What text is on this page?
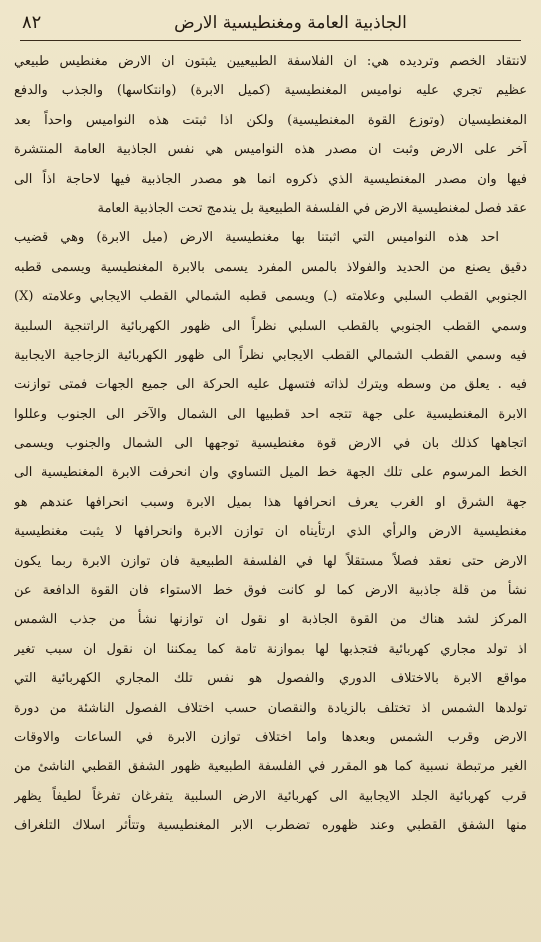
الجاذبية العامة ومغنطيسية الارض
٨٢
لانتقاد الخصم وترديده هي: ان الفلاسفة الطبيعيين يثبتون ان الارض مغنطيس طبيعي
عظيم تجري عليه نواميس المغنطيسية (كميل الابرة) (وانتكاسها) والجذب والدفع
المغنطيسيان (وتوزع القوة المغنطيسية) ولكن اذا ثبتت هذه النواميس واحداً بعد
آخر على الارض وثبت ان مصدر هذه النواميس هي نفس الجاذبية العامة المنتشرة
فيها وان مصدر المغنطيسية الذي ذكروه انما هو مصدر الجاذبية فيها لاحاجة اذاً الى
عقد فصل لمغنطيسية الارض في الفلسفة الطبيعية بل يندمج تحت الجاذبية العامة
احد هذه النواميس التي اثبتنا بها مغنطيسية الارض (ميل الابرة) وهي قضيب
دقيق يصنع من الحديد والفولاذ بالمس المفرد يسمى بالابرة المغنطيسية ويسمى قطبه
الجنوبي القطب السلبي وعلامته (ـ) ويسمى قطبه الشمالي القطب الايجابي وعلامته (X)
وسمي القطب الجنوبي بالقطب السلبي نظراً الى ظهور الكهربائية الراتنجية السلبية
فيه وسمي القطب الشمالي القطب الايجابي نظراً الى ظهور الكهربائية الزجاجية الايجابية
فيه . يعلق من وسطه ويترك لذاته فتسهل عليه الحركة الى جميع الجهات فمتى توازنت
الابرة المغنطيسية على جهة تتجه احد قطبيها الى الشمال والآخر الى الجنوب وعللوا
اتجاهها كذلك بان في الارض قوة مغنطيسية توجهها الى الشمال والجنوب ويسمى
الخط المرسوم على تلك الجهة خط الميل التساوي وان انحرفت الابرة المغنطيسية الى
جهة الشرق او الغرب يعرف انحرافها هذا بميل الابرة وسبب انحرافها عندهم هو
مغنطيسية الارض والرأي الذي ارتأيناه ان توازن الابرة وانحرافها لا يثبت مغنطيسية
الارض حتى نعقد فصلاً مستقلاً لها في الفلسفة الطبيعية فان توازن الابرة ربما يكون
نشأ من قلة جاذبية الارض كما لو كانت فوق خط الاستواء فان القوة الدافعة عن
المركز لشد هناك من القوة الجاذبة او نقول ان توازنها نشأ من جذب الشمس
اذ تولد مجاري كهربائية فتجذبها لها بموازنة تامة كما يمكننا ان نقول ان سبب تغير
مواقع الابرة بالاختلاف الدوري والفصول هو نفس تلك المجاري الكهربائية التي
تولدها الشمس اذ تختلف بالزيادة والنقصان حسب اختلاف الفصول الناشئة من دورة
الارض وقرب الشمس وبعدها واما اختلاف توازن الابرة في الساعات والاوقات
الغير مرتبطة نسبية كما هو المقرر في الفلسفة الطبيعية ظهور الشفق القطبي الناشئ من
قرب كهربائية الجلد الايجابية الى كهربائية الارض السلبية يتفرغان تفرغاً لطيفاً يظهر
منها الشفق القطبي وعند ظهوره تضطرب الابر المغنطيسية وتتأثر اسلاك التلغراف
